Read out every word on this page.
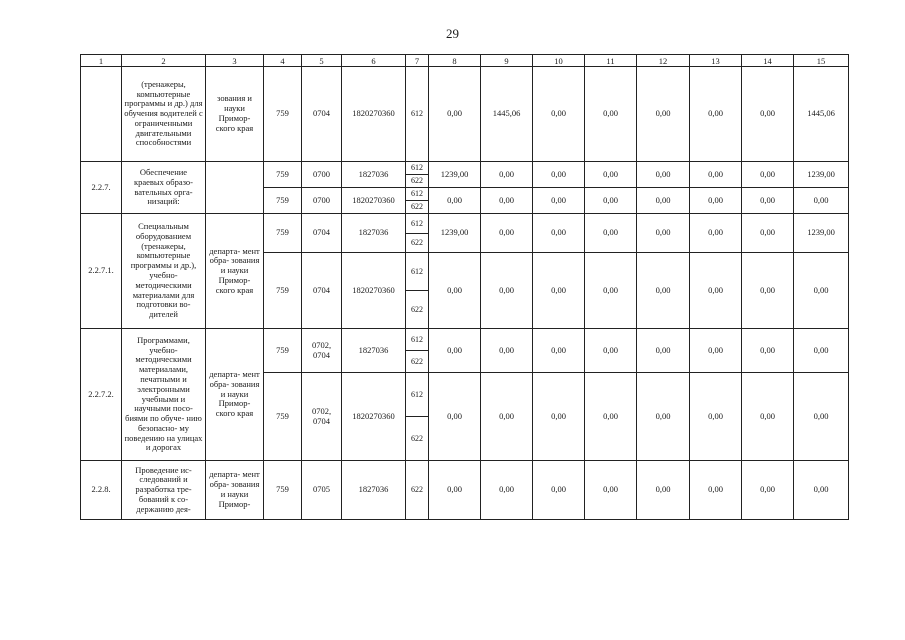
29
1	2	3	4	5	6	7	8	9	10	11	12	13	14	15
	(тренажеры, компьютерные программы и др.) для обучения водителей с ограниченными двигательными способностями	зования и науки Примор- ского края	759	0704	1820270360	612	0,00	1445,06	0,00	0,00	0,00	0,00	0,00	1445,06
2.2.7.	Обеспечение краевых образо- вательных орга- низаций:		759	0700	1827036	612	1239,00	0,00	0,00	0,00	0,00	0,00	0,00	1239,00
						622								
			759	0700	1820270360	612	0,00	0,00	0,00	0,00	0,00	0,00	0,00	0,00
						622								
2.2.7.1.	Специальным оборудованием (тренажеры, компьютерные программы и др.), учебно- методическими материалами для подготовки во- дителей	департа- мент обра- зования и науки Примор- ского края	759	0704	1827036	612	1239,00	0,00	0,00	0,00	0,00	0,00	0,00	1239,00
						622								
			759	0704	1820270360	612	0,00	0,00	0,00	0,00	0,00	0,00	0,00	0,00
						622								
2.2.7.2.	Программами, учебно- методическими материалами, печатными и электронными учебными и научными посо- биями по обуче- нию безопасно- му поведению на улицах и дорогах	департа- мент обра- зования и науки Примор- ского края	759	0702, 0704	1827036	612	0,00	0,00	0,00	0,00	0,00	0,00	0,00	0,00
						622								
			759	0702, 0704	1820270360	612	0,00	0,00	0,00	0,00	0,00	0,00	0,00	0,00
						622								
2.2.8.	Проведение ис- следований и разработка тре- бований к со- держанию дея-	департа- мент обра- зования и науки Примор-	759	0705	1827036	622	0,00	0,00	0,00	0,00	0,00	0,00	0,00	0,00
